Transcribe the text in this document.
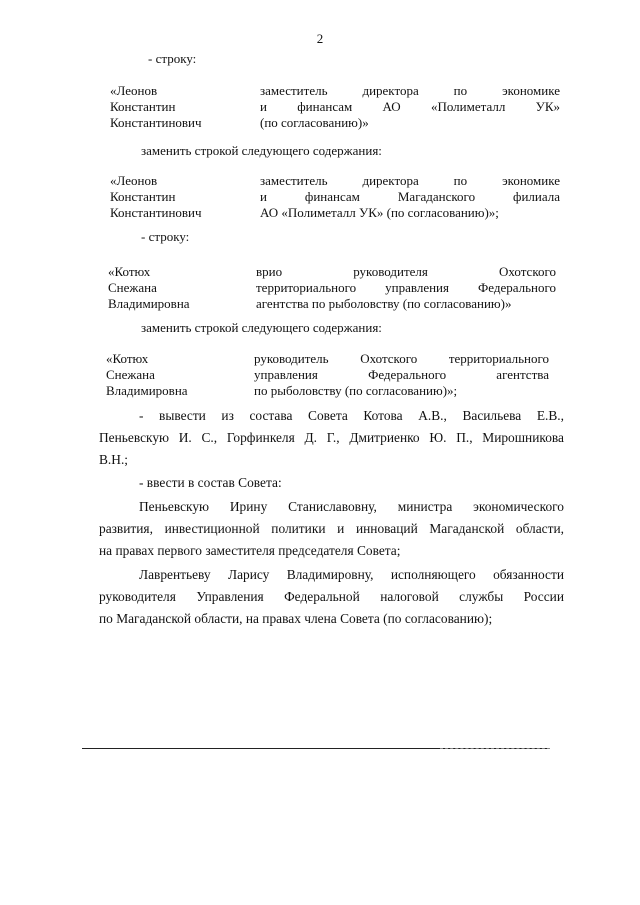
2
- строку:
«Леонов
Константин
Константинович
заместитель директора по экономике
и финансам АО «Полиметалл УК»
(по согласованию)»
заменить строкой следующего содержания:
«Леонов
Константин
Константинович
заместитель директора по экономике
и финансам Магаданского филиала
АО «Полиметалл УК» (по согласованию)»;
- строку:
«Котюх
Снежана
Владимировна
врио руководителя Охотского
территориального управления Федерального
агентства по рыболовству (по согласованию)»
заменить строкой следующего содержания:
«Котюх
Снежана
Владимировна
руководитель Охотского территориального
управления Федерального агентства
по рыболовству (по согласованию)»;
- вывести из состава Совета Котова А.В., Васильева Е.В.,
Пеньевскую И. С., Горфинкеля Д. Г., Дмитриенко Ю. П., Мирошникова
В.Н.;
- ввести в состав Совета:
Пеньевскую Ирину Станиславовну, министра экономического
развития, инвестиционной политики и инноваций Магаданской области,
на правах первого заместителя председателя Совета;
Лаврентьеву Ларису Владимировну, исполняющего обязанности
руководителя Управления Федеральной налоговой службы России
по Магаданской области, на правах члена Совета (по согласованию);
